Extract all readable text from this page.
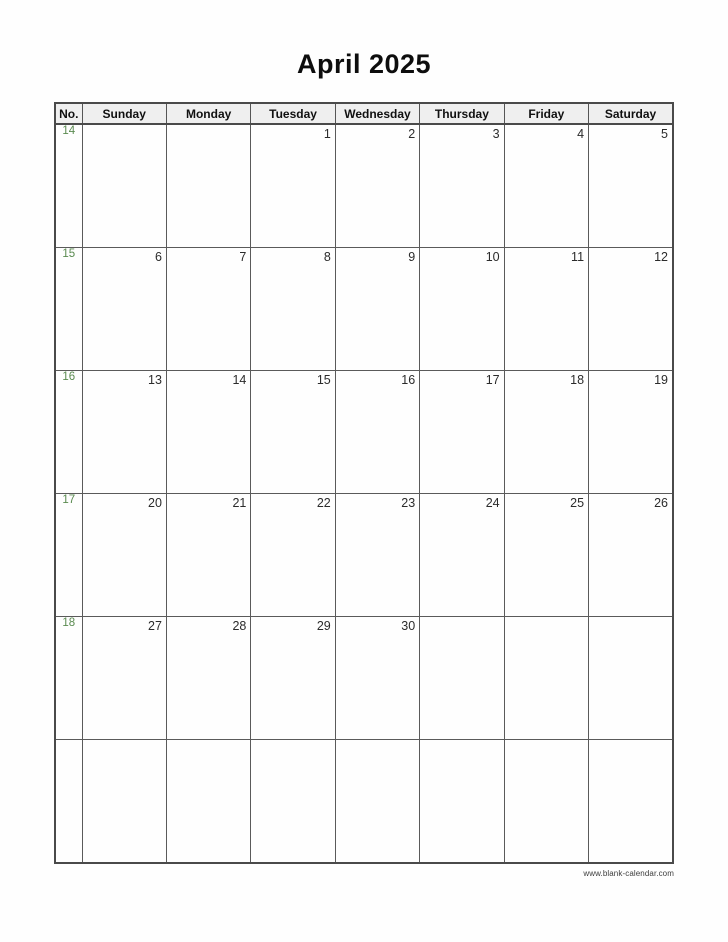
April 2025
No.	Sunday	Monday	Tuesday	Wednesday	Thursday	Friday	Saturday
14			1	2	3	4	5

15	6	7	8	9	10	11	12

16	13	14	15	16	17	18	19

17	20	21	22	23	24	25	26

18	27	28	29	30			

www.blank-calendar.com
